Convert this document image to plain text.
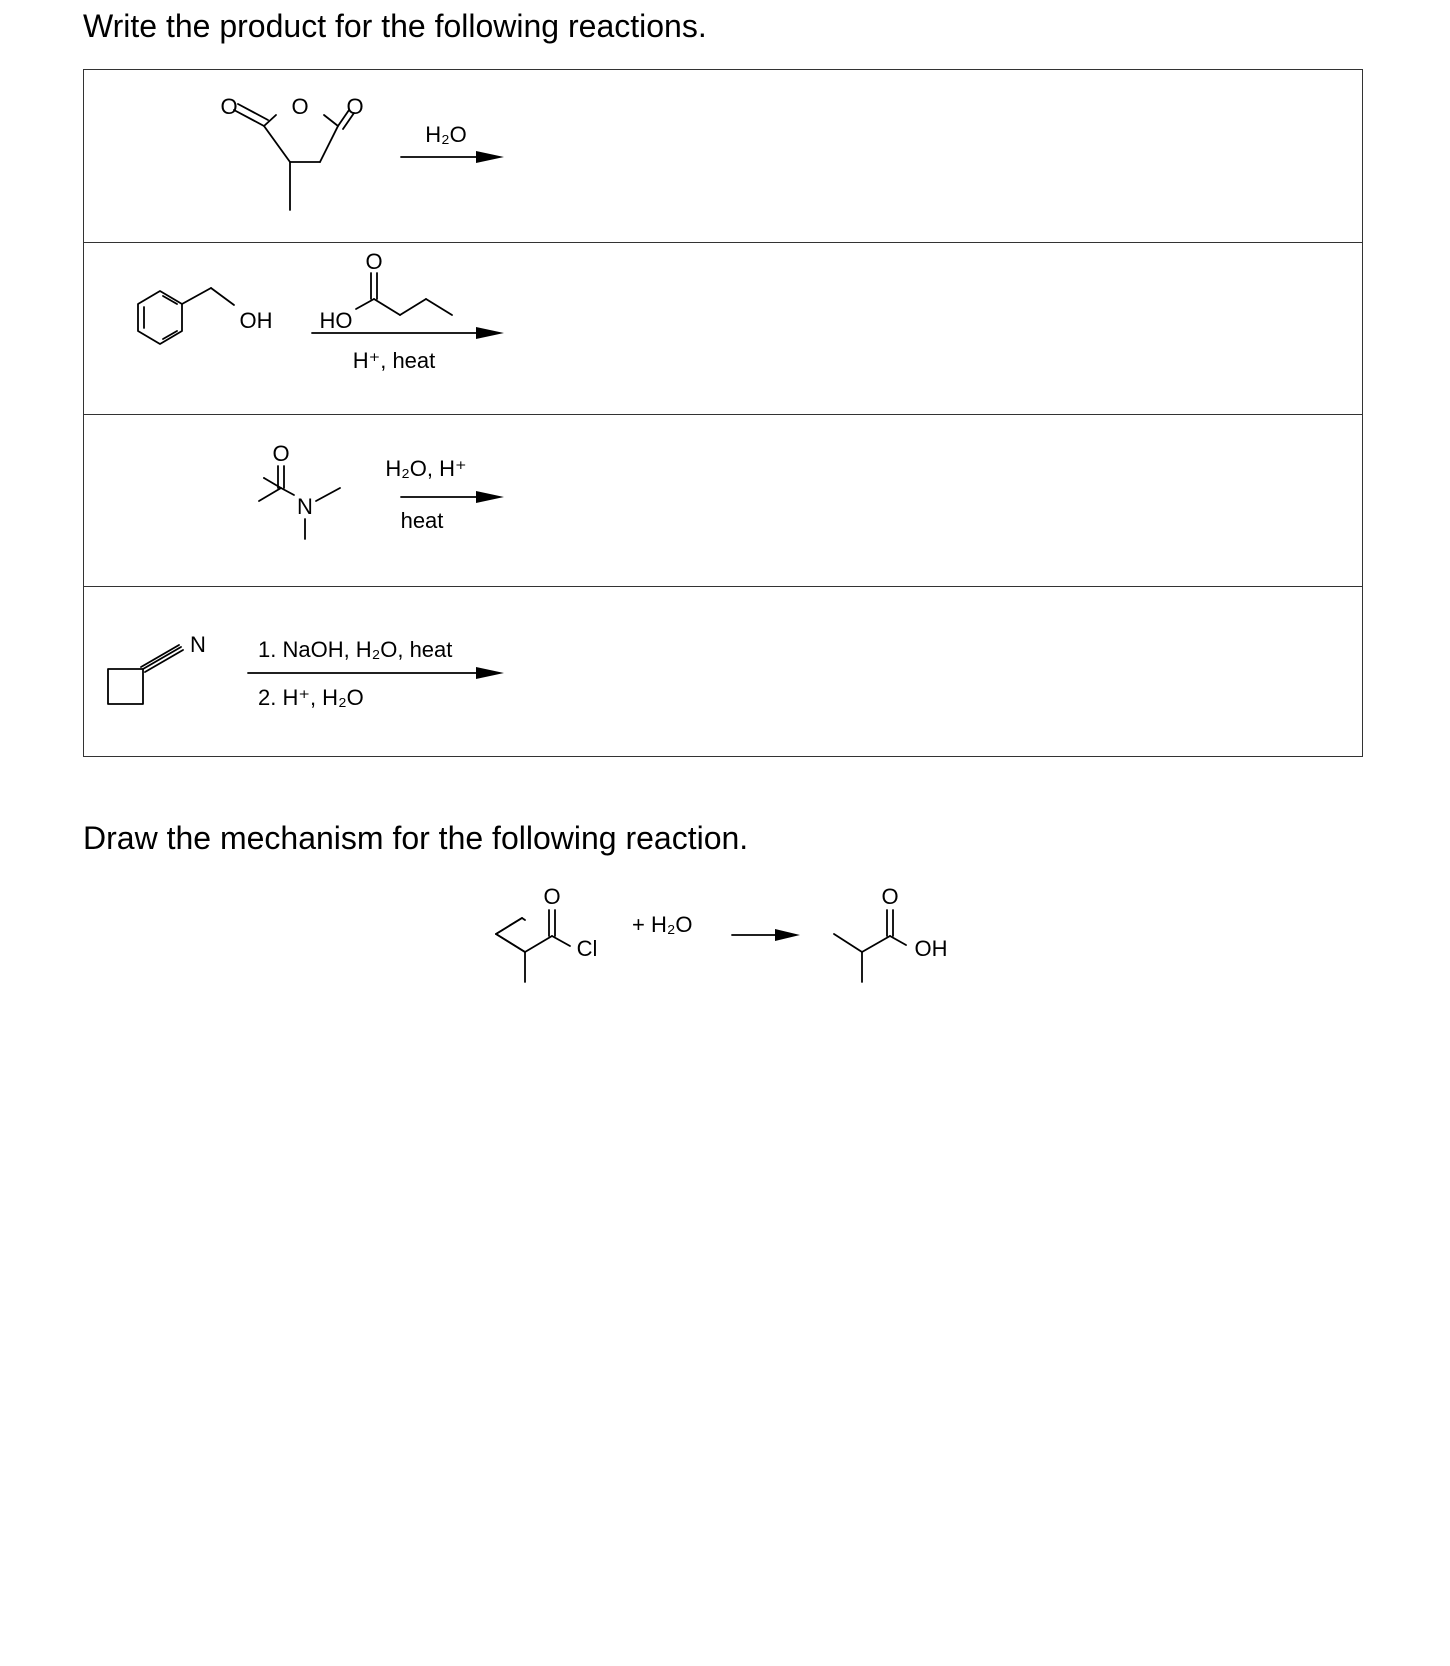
Write the product for the following reactions.
O O O
H₂O
OH HO
O
H⁺, heat
O
N
H₂O, H⁺
heat
N 1. NaOH, H₂O, heat
2. H⁺, H₂O
Draw the mechanism for the following reaction.
O
Cl
+ H₂O
O
OH
